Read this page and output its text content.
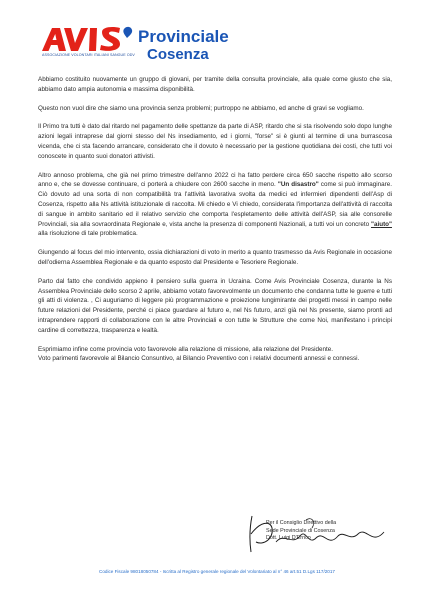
ASSOCIAZIONE VOLONTARI ITALIANI SANGUE ODV
Provinciale
Cosenza

Abbiamo costituito nuovamente un gruppo di giovani, per tramite della consulta provinciale, alla quale come giusto che sia, abbiamo dato ampia autonomia e massima disponibilità.

Questo non vuol dire che siamo una provincia senza problemi; purtroppo ne abbiamo, ed anche di gravi se vogliamo.

Il Primo tra tutti è dato dal ritardo nel pagamento delle spettanze da parte di ASP, ritardo che si sta risolvendo solo dopo lunghe azioni legali intraprese dal giorni stesso del Ns insediamento, ed i giorni, "forse" si è giunti al termine di una burrascosa vicenda, che ci sta facendo arrancare, considerato che il dovuto è necessario per la gestione quotidiana dei costi, che tutti voi conoscete in quanto suoi donatori attivisti.

Altro annoso problema, che già nel primo trimestre dell'anno 2022 ci ha fatto perdere circa 650 sacche rispetto allo scorso anno e, che se dovesse continuare, ci porterà a chiudere con 2600 sacche in meno. "Un disastro" come si può immaginare. Ciò dovuto ad una sorta di non compatibilità tra l'attività lavorativa svolta da medici ed infermieri dipendenti dell'Asp di Cosenza, rispetto alla Ns attività istituzionale di raccolta. Mi chiedo e Vi chiedo, considerata l'importanza dell'attività di raccolta di sangue in ambito sanitario ed il relativo servizio che comporta l'espletamento delle attività dell'ASP, sia alle consorelle Provinciali, sia alla sovraordinata Regionale e, vista anche la presenza di componenti Nazionali, a tutti voi un concreto "aiuto" alla risoluzione di tale problematica.

Giungendo al focus del mio intervento, ossia dichiarazioni di voto in merito a quanto trasmesso da Avis Regionale in occasione dell'odierna Assemblea Regionale e da quanto esposto dal Presidente e Tesoriere Regionale.

Parto dal fatto che condivido appieno il pensiero sulla guerra in Ucraina. Come Avis Provinciale Cosenza, durante la Ns Assemblea Provinciale dello scorso 2 aprile, abbiamo votato favorevolmente un documento che condanna tutte le guerre e tutti gli atti di violenza. , Ci auguriamo di leggere più programmazione e proiezione lungimirante dei progetti messi in campo nelle future relazioni del Presidente, perché ci piace guardare al futuro e, nel Ns futuro, anzi già nel Ns presente, siamo pronti ad intraprendere rapporti di collaborazione con le altre Provinciali e con tutte le Strutture che come Noi, manifestano i principi cardine di correttezza, trasparenza e lealtà.

Esprimiamo infine come provincia voto favorevole alla relazione di missione, alla relazione del Presidente.
Voto parimenti favorevole al Bilancio Consuntivo, al Bilancio Preventivo con i relativi documenti annessi e connessi.

Per il Consiglio Direttivo della
Sede Provinciale di Cosenza
Dott. Luigi D'Errico
Codice Fiscale 98018050784 - Iscritta al Registro generale regionale del Volontariato al n° 46 art.51 D.Lgs 117/2017
